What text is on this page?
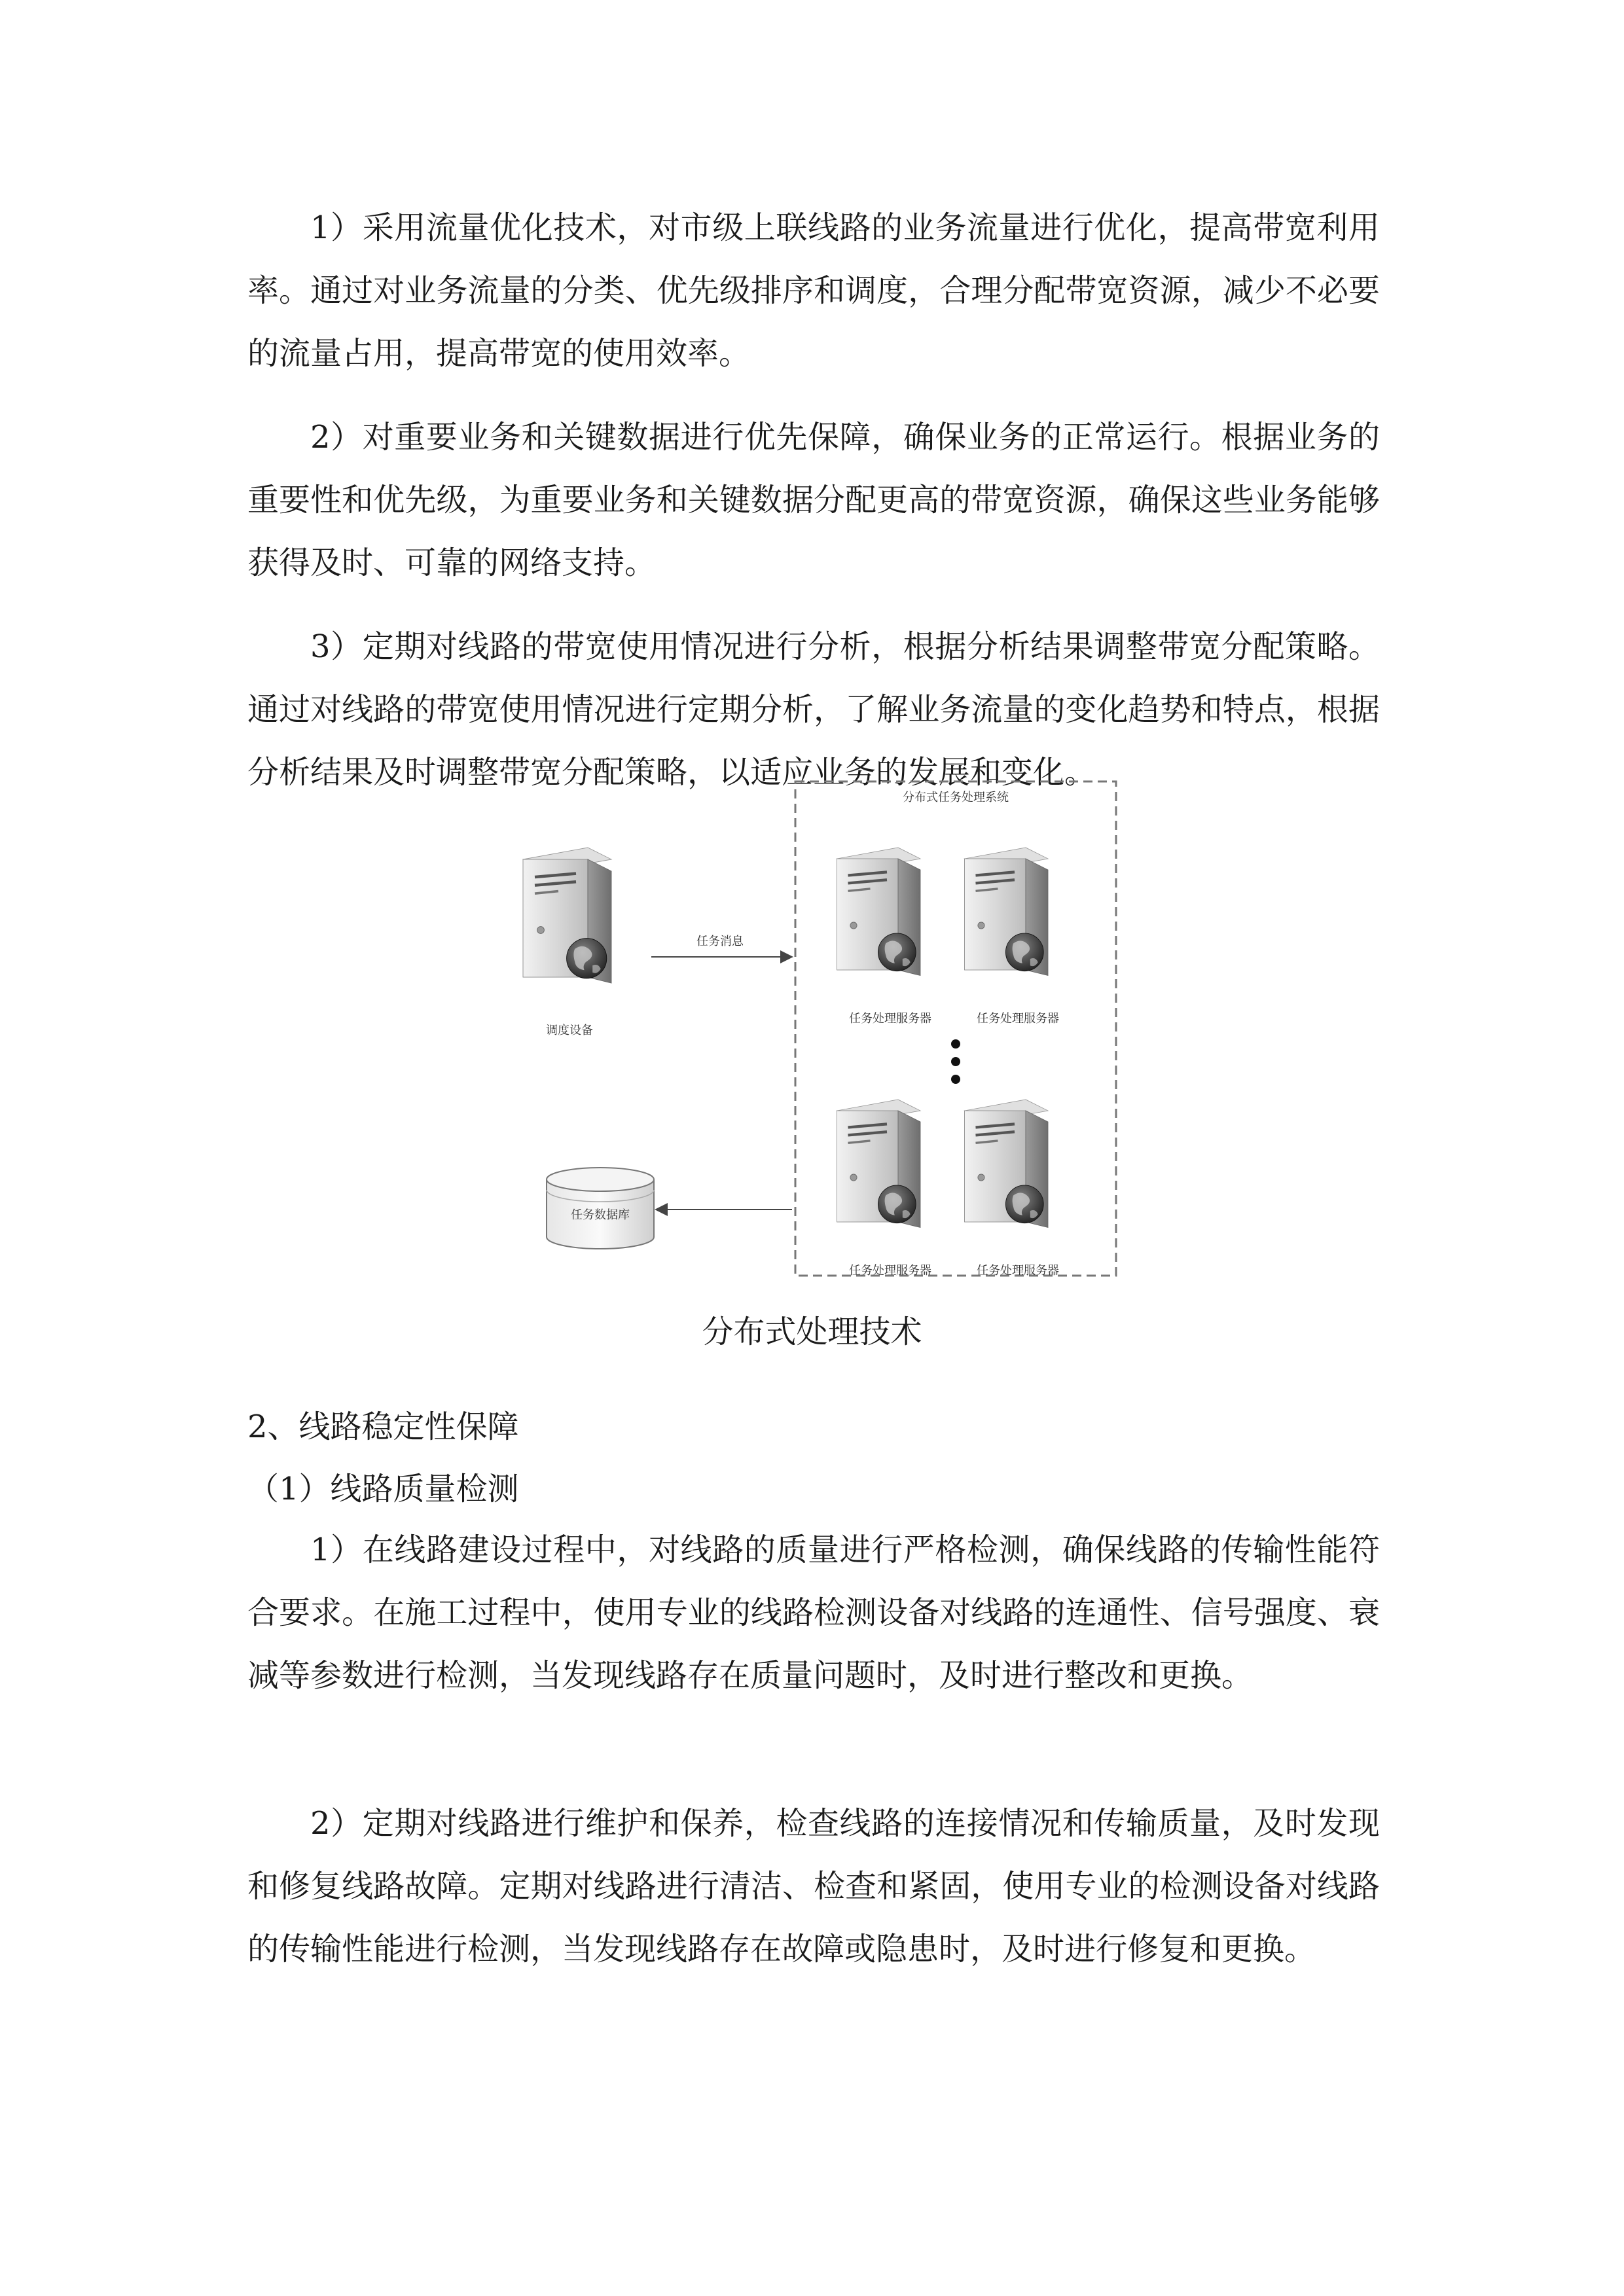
1）采用流量优化技术，对市级上联线路的业务流量进行优化，提高带宽利用率。通过对业务流量的分类、优先级排序和调度，合理分配带宽资源，减少不必要的流量占用，提高带宽的使用效率。

2）对重要业务和关键数据进行优先保障，确保业务的正常运行。根据业务的重要性和优先级，为重要业务和关键数据分配更高的带宽资源，确保这些业务能够获得及时、可靠的网络支持。

3）定期对线路的带宽使用情况进行分析，根据分析结果调整带宽分配策略。通过对线路的带宽使用情况进行定期分析，了解业务流量的变化趋势和特点，根据分析结果及时调整带宽分配策略，以适应业务的发展和变化。

分布式任务处理系统
调度设备
任务消息
任务处理服务器	任务处理服务器
任务处理服务器	任务处理服务器
任务数据库

分布式处理技术

2、线路稳定性保障

（1）线路质量检测

1）在线路建设过程中，对线路的质量进行严格检测，确保线路的传输性能符合要求。在施工过程中，使用专业的线路检测设备对线路的连通性、信号强度、衰减等参数进行检测，当发现线路存在质量问题时，及时进行整改和更换。

2）定期对线路进行维护和保养，检查线路的连接情况和传输质量，及时发现和修复线路故障。定期对线路进行清洁、检查和紧固，使用专业的检测设备对线路的传输性能进行检测，当发现线路存在故障或隐患时，及时进行修复和更换。
